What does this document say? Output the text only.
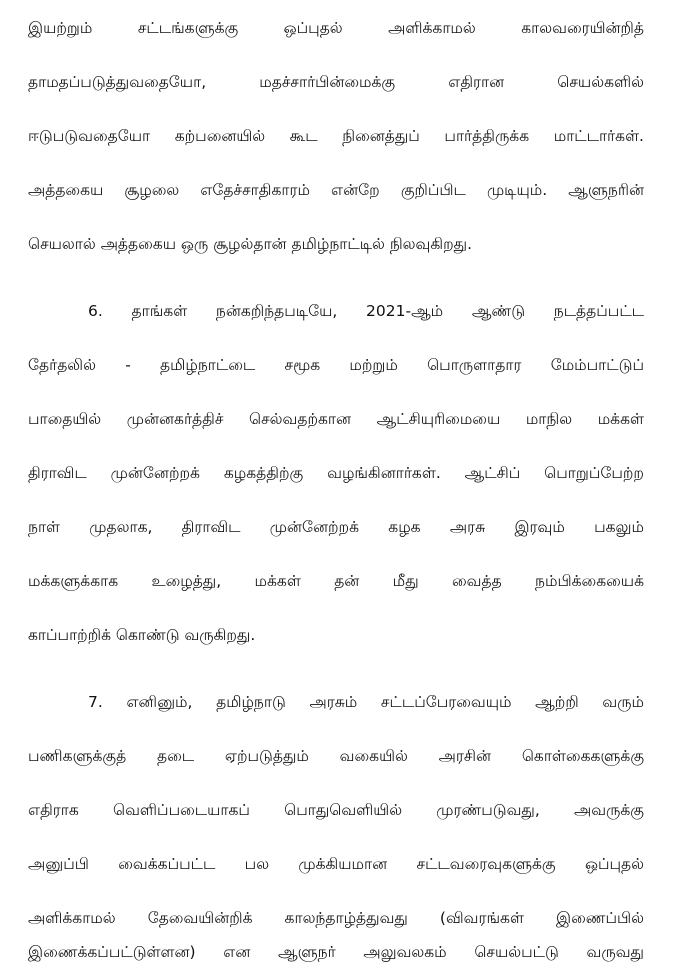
இயற்றும் சட்டங்களுக்கு ஒப்புதல் அளிக்காமல் காலவரையின்றித்
தாமதப்படுத்துவதையோ, மதச்சார்பின்மைக்கு எதிரான செயல்களில்
ஈடுபடுவதையோ கற்பனையில் கூட நினைத்துப் பார்த்திருக்க மாட்டார்கள்.
அத்தகைய சூழலை எதேச்சாதிகாரம் என்றே குறிப்பிட முடியும். ஆளுநரின்
செயலால் அத்தகைய ஒரு சூழல்தான் தமிழ்நாட்டில் நிலவுகிறது.
6. தாங்கள் நன்கறிந்தபடியே, 2021-ஆம் ஆண்டு நடத்தப்பட்ட
தேர்தலில் - தமிழ்நாட்டை சமூக மற்றும் பொருளாதார மேம்பாட்டுப்
பாதையில் முன்னகர்த்திச் செல்வதற்கான ஆட்சியுரிமையை மாநில மக்கள்
திராவிட முன்னேற்றக் கழகத்திற்கு வழங்கினார்கள். ஆட்சிப் பொறுப்பேற்ற
நாள் முதலாக, திராவிட முன்னேற்றக் கழக அரசு இரவும் பகலும்
மக்களுக்காக உழைத்து, மக்கள் தன் மீது வைத்த நம்பிக்கையைக்
காப்பாற்றிக் கொண்டு வருகிறது.
7. எனினும், தமிழ்நாடு அரசும் சட்டப்பேரவையும் ஆற்றி வரும்
பணிகளுக்குத் தடை ஏற்படுத்தும் வகையில் அரசின் கொள்கைகளுக்கு
எதிராக வெளிப்படையாகப் பொதுவெளியில் முரண்படுவது, அவருக்கு
அனுப்பி வைக்கப்பட்ட பல முக்கியமான சட்டவரைவுகளுக்கு ஒப்புதல்
அளிக்காமல் தேவையின்றிக் காலந்தாழ்த்துவது (விவரங்கள் இணைப்பில்
இணைக்கப்பட்டுள்ளன) என ஆளுநர் அலுவலகம் செயல்பட்டு வருவது
